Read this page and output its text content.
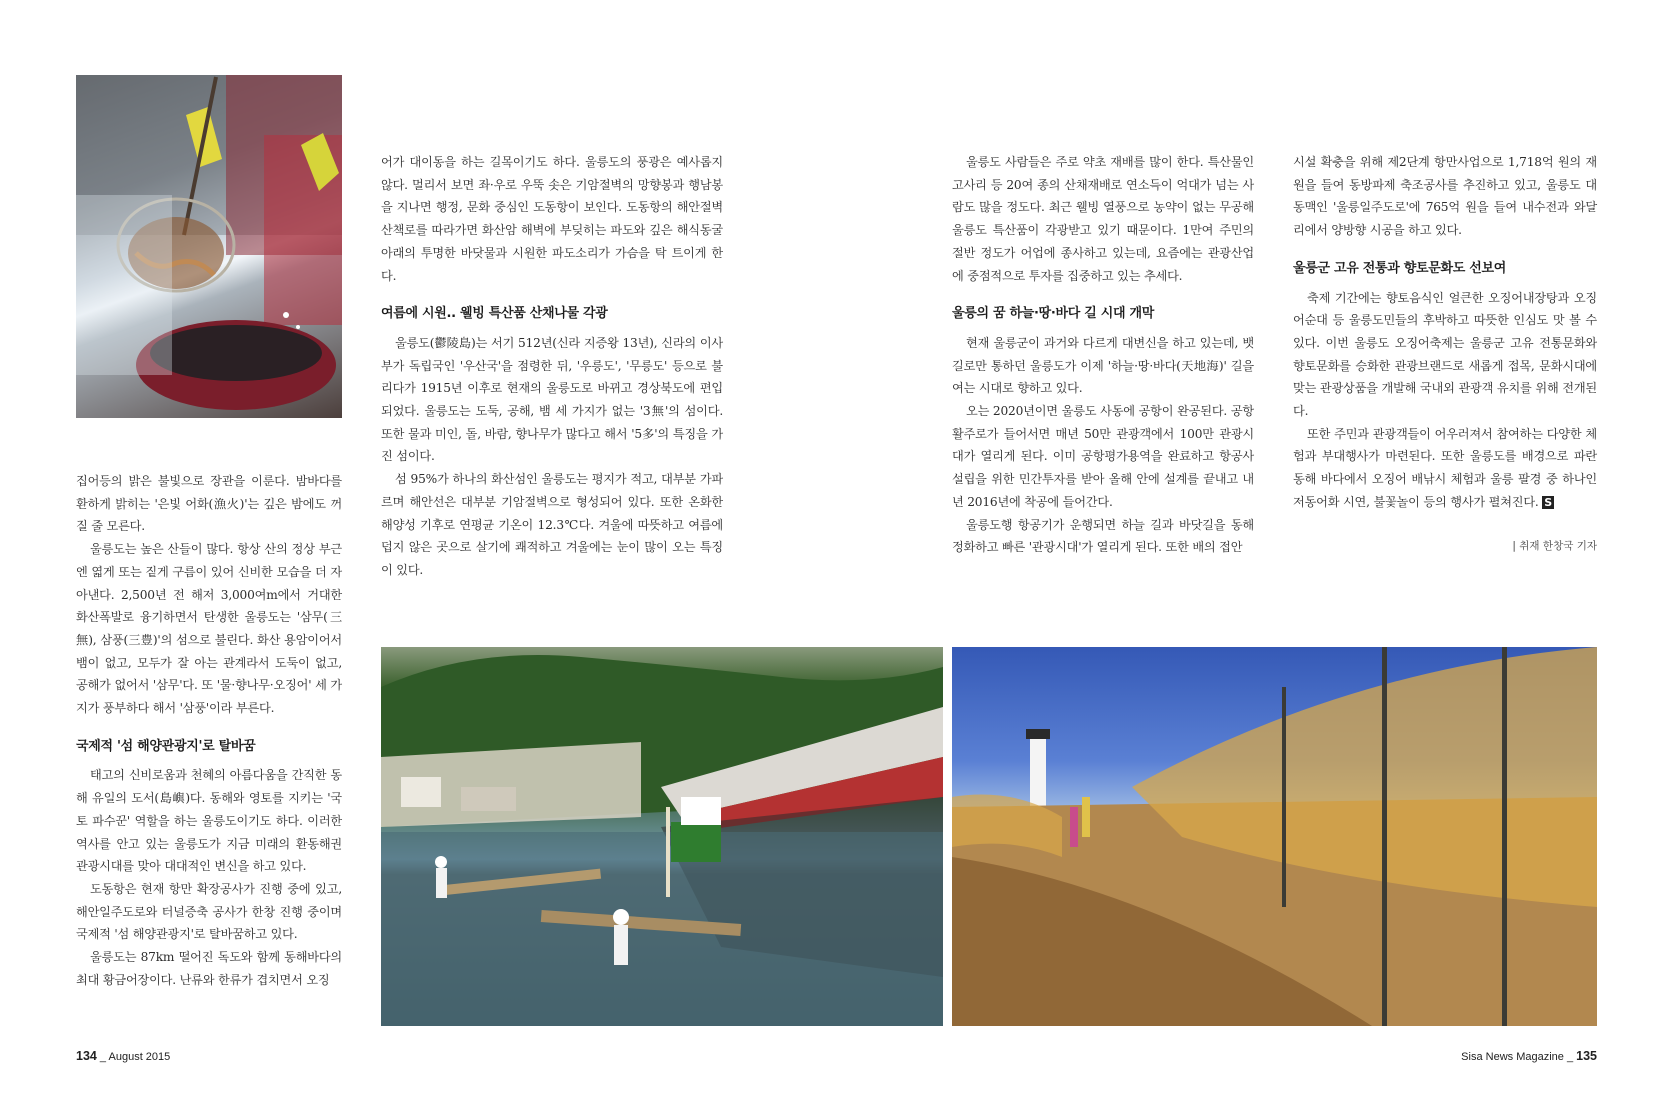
집어등의 밝은 불빛으로 장관을 이룬다. 밤바다를 환하게 밝히는 '은빛 어화(漁火)'는 깊은 밤에도 꺼질 줄 모른다.

울릉도는 높은 산들이 많다. 항상 산의 정상 부근엔 엷게 또는 짙게 구름이 있어 신비한 모습을 더 자아낸다. 2,500년 전 해저 3,000여m에서 거대한 화산폭발로 융기하면서 탄생한 울릉도는 '삼무(三無), 삼풍(三豊)'의 섬으로 불린다. 화산 용암이어서 뱀이 없고, 모두가 잘 아는 관계라서 도둑이 없고, 공해가 없어서 '삼무'다. 또 '물·향나무·오징어' 세 가지가 풍부하다 해서 '삼풍'이라 부른다.

국제적 '섬 해양관광지'로 탈바꿈

태고의 신비로움과 천혜의 아름다움을 간직한 동해 유일의 도서(島嶼)다. 동해와 영토를 지키는 '국토 파수꾼' 역할을 하는 울릉도이기도 하다. 이러한 역사를 안고 있는 울릉도가 지금 미래의 환동해권 관광시대를 맞아 대대적인 변신을 하고 있다.

도동항은 현재 항만 확장공사가 진행 중에 있고, 해안일주도로와 터널증축 공사가 한창 진행 중이며 국제적 '섬 해양관광지'로 탈바꿈하고 있다.

울릉도는 87km 떨어진 독도와 함께 동해바다의 최대 황금어장이다. 난류와 한류가 겹치면서 오징

어가 대이동을 하는 길목이기도 하다. 울릉도의 풍광은 예사롭지 않다. 멀리서 보면 좌·우로 우뚝 솟은 기암절벽의 망향봉과 행남봉을 지나면 행정, 문화 중심인 도동항이 보인다. 도동항의 해안절벽 산책로를 따라가면 화산암 해벽에 부딪히는 파도와 깊은 해식동굴 아래의 투명한 바닷물과 시원한 파도소리가 가슴을 탁 트이게 한다.

여름에 시원.. 웰빙 특산품 산채나물 각광

울릉도(鬱陵島)는 서기 512년(신라 지증왕 13년), 신라의 이사부가 독립국인 '우산국'을 점령한 뒤, '우릉도', '무릉도' 등으로 불리다가 1915년 이후로 현재의 울릉도로 바뀌고 경상북도에 편입되었다. 울릉도는 도둑, 공해, 뱀 세 가지가 없는 '3無'의 섬이다. 또한 물과 미인, 돌, 바람, 향나무가 많다고 해서 '5多'의 특징을 가진 섬이다.

섬 95%가 하나의 화산섬인 울릉도는 평지가 적고, 대부분 가파르며 해안선은 대부분 기암절벽으로 형성되어 있다. 또한 온화한 해양성 기후로 연평균 기온이 12.3℃다. 겨울에 따뜻하고 여름에 덥지 않은 곳으로 살기에 쾌적하고 겨울에는 눈이 많이 오는 특징이 있다.

울릉도 사람들은 주로 약초 재배를 많이 한다. 특산물인 고사리 등 20여 종의 산채재배로 연소득이 억대가 넘는 사람도 많을 정도다. 최근 웰빙 열풍으로 농약이 없는 무공해 울릉도 특산품이 각광받고 있기 때문이다. 1만여 주민의 절반 정도가 어업에 종사하고 있는데, 요즘에는 관광산업에 중점적으로 투자를 집중하고 있는 추세다.

울릉의 꿈 하늘·땅·바다 길 시대 개막

현재 울릉군이 과거와 다르게 대변신을 하고 있는데, 뱃길로만 통하던 울릉도가 이제 '하늘·땅·바다(天地海)' 길을 여는 시대로 향하고 있다.

오는 2020년이면 울릉도 사동에 공항이 완공된다. 공항 활주로가 들어서면 매년 50만 관광객에서 100만 관광시대가 열리게 된다. 이미 공항평가용역을 완료하고 항공사설립을 위한 민간투자를 받아 올해 안에 설계를 끝내고 내년 2016년에 착공에 들어간다.

울릉도행 항공기가 운행되면 하늘 길과 바닷길을 동해 정화하고 빠른 '관광시대'가 열리게 된다. 또한 배의 접안

시설 확충을 위해 제2단계 항만사업으로 1,718억 원의 재원을 들여 동방파제 축조공사를 추진하고 있고, 울릉도 대동맥인 '울릉일주도로'에 765억 원을 들여 내수전과 와달리에서 양방향 시공을 하고 있다.

울릉군 고유 전통과 향토문화도 선보여

축제 기간에는 향토음식인 얼큰한 오징어내장탕과 오징어순대 등 울릉도민들의 후박하고 따뜻한 인심도 맛 볼 수 있다. 이번 울릉도 오징어축제는 울릉군 고유 전통문화와 향토문화를 승화한 관광브랜드로 새롭게 접목, 문화시대에 맞는 관광상품을 개발해 국내외 관광객 유치를 위해 전개된다.

또한 주민과 관광객들이 어우러져서 참여하는 다양한 체험과 부대행사가 마련된다. 또한 울릉도를 배경으로 파란 동해 바다에서 오징어 배낚시 체험과 울릉 팔경 중 하나인 저동어화 시연, 불꽃놀이 등의 행사가 펼쳐진다. S

| 취재 한창국 기자
134 _ August 2015	Sisa News Magazine _ 135
